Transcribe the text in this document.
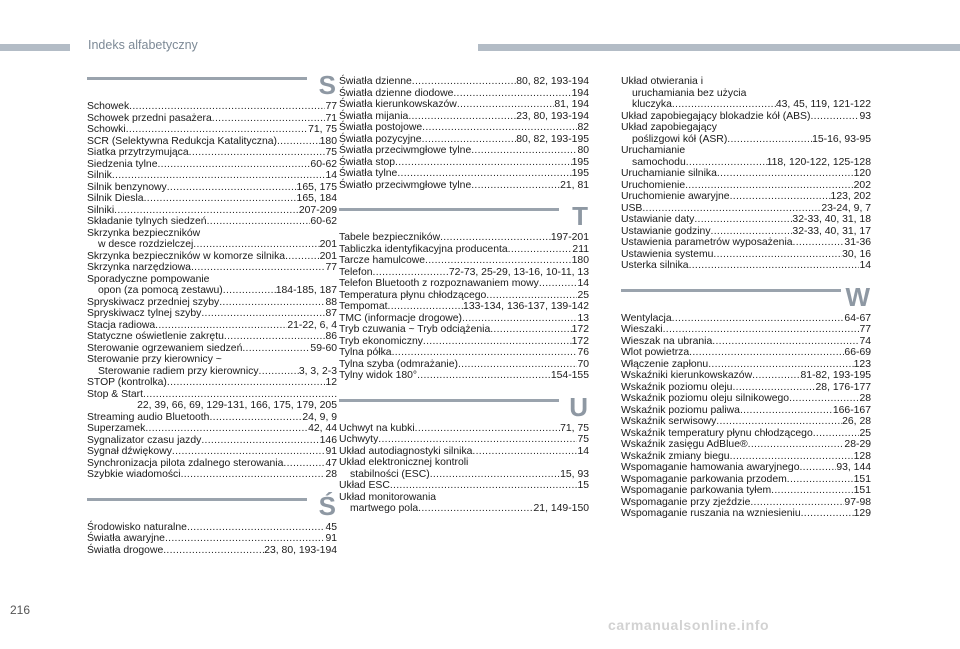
Indeks alfabetyczny
S
Schowek .....	77
Schowek przedni pasażera .....	71
Schowki .....	71, 75
SCR (Selektywna Redukcja Katalityczna) .....	180
Siatka przytrzymująca .....	75
Siedzenia tylne .....	60-62
Silnik .....	14
Silnik benzynowy .....	165, 175
Silnik Diesla .....	165, 184
Silniki .....	207-209
Składanie tylnych siedzeń .....	60-62
Skrzynka bezpieczników
w desce rozdzielczej .....	201
Skrzynka bezpieczników w komorze silnika .....	201
Skrzynka narzędziowa .....	77
Sporadyczne pompowanie
opon (za pomocą zestawu) .....	184-185, 187
Spryskiwacz przedniej szyby .....	88
Spryskiwacz tylnej szyby .....	87
Stacja radiowa .....	21-22, 6, 4
Statyczne oświetlenie zakrętu .....	86
Sterowanie ogrzewaniem siedzeń .....	59-60
Sterowanie przy kierownicy ~
Sterowanie radiem przy kierownicy .....	3, 3, 2-3
STOP (kontrolka) .....	12
Stop & Start
.....
22, 39, 66, 69, 129-131, 166, 175, 179, 205
Streaming audio Bluetooth .....	24, 9, 9
Superzamek .....	42, 44
Sygnalizator czasu jazdy .....	146
Sygnał dźwiękowy .....	91
Synchronizacja pilota zdalnego sterowania .....	47
Szybkie wiadomości .....	28
Ś
Środowisko naturalne .....	45
Światła awaryjne .....	91
Światła drogowe .....	23, 80, 193-194
Światła dzienne .....	80, 82, 193-194
Światła dzienne diodowe .....	194
Światła kierunkowskazów .....	81, 194
Światła mijania .....	23, 80, 193-194
Światła postojowe .....	82
Światła pozycyjne .....	80, 82, 193-195
Światła przeciwmgłowe tylne .....	80
Światła stop .....	195
Światła tylne .....	195
Światło przeciwmgłowe tylne .....	21, 81
T
Tabele bezpieczników .....	197-201
Tabliczka identyfikacyjna producenta .....	211
Tarcze hamulcowe .....	180
Telefon .....	72-73, 25-29, 13-16, 10-11, 13
Telefon Bluetooth z rozpoznawaniem mowy .....	14
Temperatura płynu chłodzącego .....	25
Tempomat .....	133-134, 136-137, 139-142
TMC (informacje drogowe) .....	13
Tryb czuwania ~ Tryb odciążenia .....	172
Tryb ekonomiczny .....	172
Tylna półka .....	76
Tylna szyba (odmrażanie) .....	70
Tylny widok 180° .....	154-155
U
Uchwyt na kubki .....	71, 75
Uchwyty .....	75
Układ autodiagnostyki silnika .....	14
Układ elektronicznej kontroli
stabilności (ESC) .....	15, 93
Układ ESC .....	15
Układ monitorowania
martwego pola .....	21, 149-150
Układ otwierania i
uruchamiania bez użycia
kluczyka .....	43, 45, 119, 121-122
Układ zapobiegający blokadzie kół (ABS) .....	93
Układ zapobiegający
poślizgowi kół (ASR) .....	15-16, 93-95
Uruchamianie
samochodu .....	118, 120-122, 125-128
Uruchamianie silnika .....	120
Uruchomienie .....	202
Uruchomienie awaryjne .....	123, 202
USB .....	23-24, 9, 7
Ustawianie daty .....	32-33, 40, 31, 18
Ustawianie godziny .....	32-33, 40, 31, 17
Ustawienia parametrów wyposażenia .....	31-36
Ustawienia systemu .....	30, 16
Usterka silnika .....	14
W
Wentylacja .....	64-67
Wieszaki .....	77
Wieszak na ubrania .....	74
Wlot powietrza .....	66-69
Włączenie zapłonu .....	123
Wskaźniki kierunkowskazów .....	81-82, 193-195
Wskaźnik poziomu oleju .....	28, 176-177
Wskaźnik poziomu oleju silnikowego .....	28
Wskaźnik poziomu paliwa .....	166-167
Wskaźnik serwisowy .....	26, 28
Wskaźnik temperatury płynu chłodzącego .....	25
Wskaźnik zasięgu AdBlue® .....	28-29
Wskaźnik zmiany biegu .....	128
Wspomaganie hamowania awaryjnego .....	93, 144
Wspomaganie parkowania przodem .....	151
Wspomaganie parkowania tyłem .....	151
Wspomaganie przy zjeździe .....	97-98
Wspomaganie ruszania na wzniesieniu .....	129
216
carmanualsonline.info
